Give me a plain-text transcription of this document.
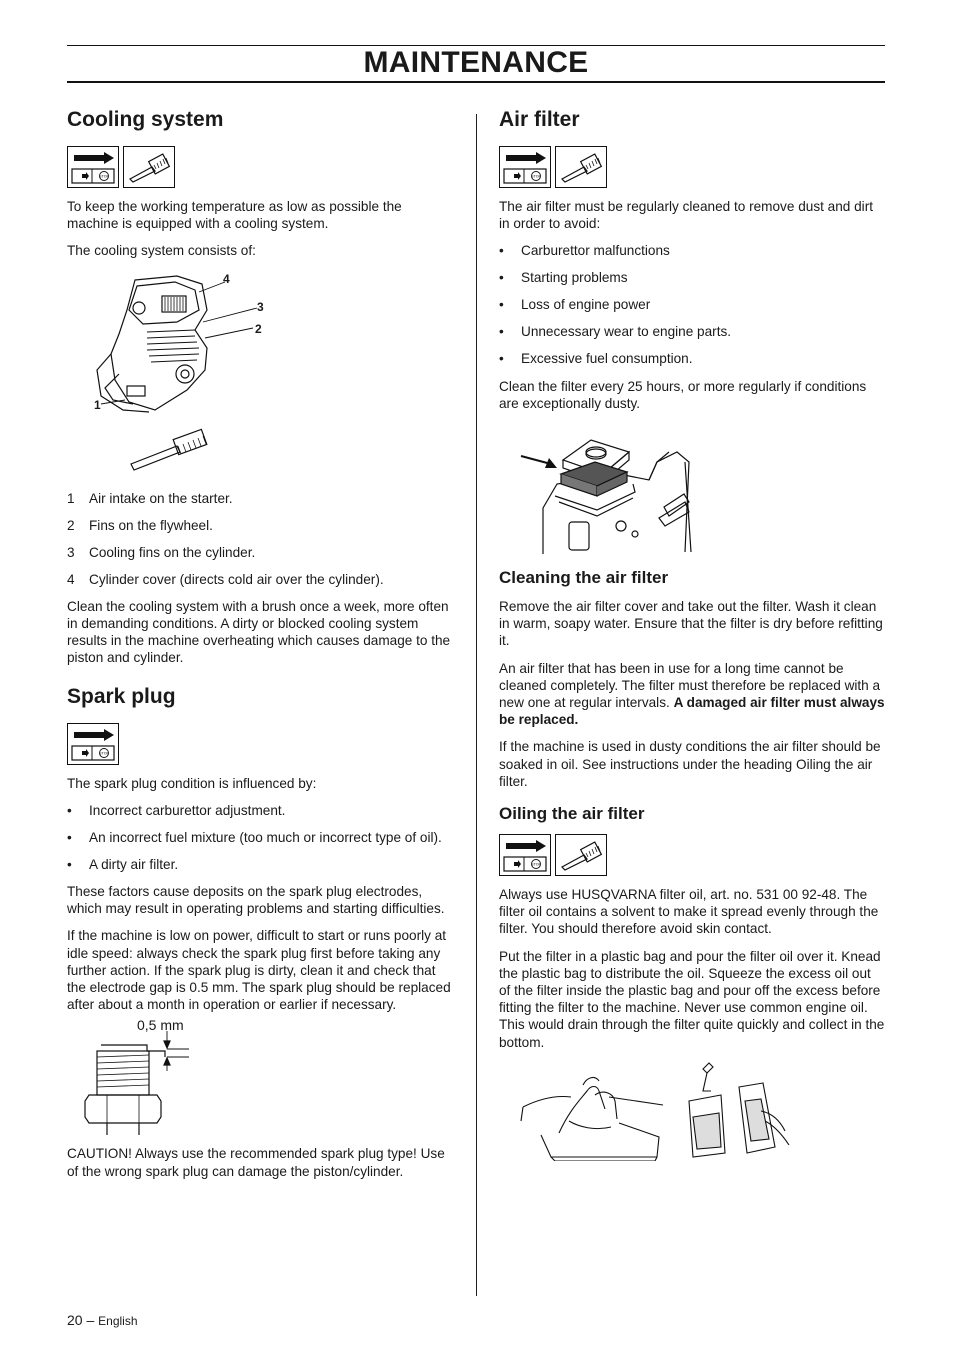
MAINTENANCE
Cooling system
STOP

To keep the working temperature as low as possible the machine is equipped with a cooling system.

The cooling system consists of:

4
3
2
1
1	Air intake on the starter.
2	Fins on the flywheel.
3	Cooling fins on the cylinder.
4	Cylinder cover (directs cold air over the cylinder).

Clean the cooling system with a brush once a week, more often in demanding conditions. A dirty or blocked cooling system results in the machine overheating which causes damage to the piston and cylinder.

Spark plug
STOP

The spark plug condition is influenced by:

•	Incorrect carburettor adjustment.
•	An incorrect fuel mixture (too much or incorrect type of oil).
•	A dirty air filter.

These factors cause deposits on the spark plug electrodes, which may result in operating problems and starting difficulties.

If the machine is low on power, difficult to start or runs poorly at idle speed: always check the spark plug first before taking any further action. If the spark plug is dirty, clean it and check that the electrode gap is 0.5 mm. The spark plug should be replaced after about a month in operation or earlier if necessary.

0,5 mm

CAUTION! Always use the recommended spark plug type! Use of the wrong spark plug can damage the piston/cylinder.

Air filter
STOP

The air filter must be regularly cleaned to remove dust and dirt in order to avoid:

•	Carburettor malfunctions
•	Starting problems
•	Loss of engine power
•	Unnecessary wear to engine parts.
•	Excessive fuel consumption.

Clean the filter every 25 hours, or more regularly if conditions are exceptionally dusty.

Cleaning the air filter

Remove the air filter cover and take out the filter. Wash it clean in warm, soapy water. Ensure that the filter is dry before refitting it.

An air filter that has been in use for a long time cannot be cleaned completely. The filter must therefore be replaced with a new one at regular intervals. A damaged air filter must always be replaced.

If the machine is used in dusty conditions the air filter should be soaked in oil. See instructions under the heading Oiling the air filter.

Oiling the air filter
STOP

Always use HUSQVARNA filter oil, art. no. 531 00 92-48. The filter oil contains a solvent to make it spread evenly through the filter. You should therefore avoid skin contact.

Put the filter in a plastic bag and pour the filter oil over it. Knead the plastic bag to distribute the oil. Squeeze the excess oil out of the filter inside the plastic bag and pour off the excess before fitting the filter to the machine. Never use common engine oil. This would drain through the filter quite quickly and collect in the bottom.

20 – English
